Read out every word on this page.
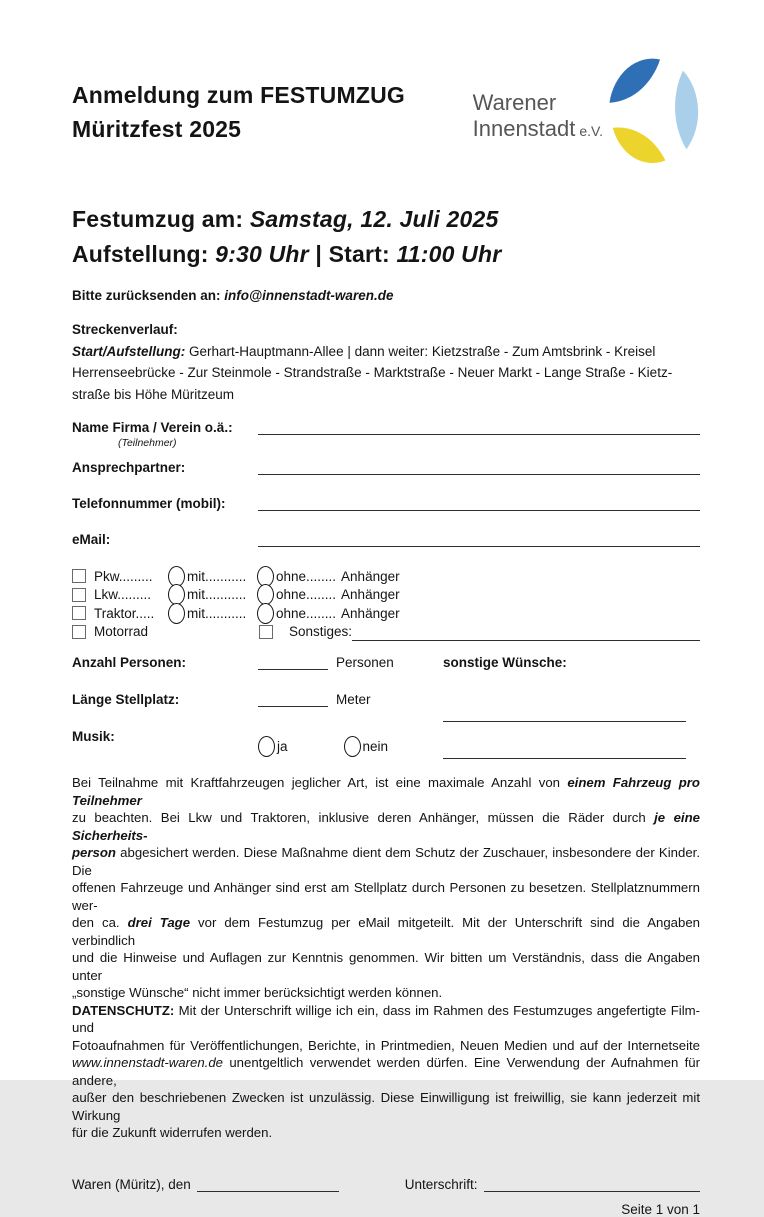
Anmeldung zum FESTUMZUG
Müritzfest 2025
Warener
Innenstadt e.V.
Festumzug am: Samstag, 12. Juli 2025
Aufstellung: 9:30 Uhr | Start: 11:00 Uhr
Bitte zurücksenden an: info@innenstadt-waren.de
Streckenverlauf:
Start/Aufstellung: Gerhart-Hauptmann-Allee | dann weiter: Kietzstraße - Zum Amtsbrink - Kreisel
Herrenseebrücke - Zur Steinmole - Strandstraße - Marktstraße - Neuer Markt - Lange Straße - Kietz-
straße bis Höhe Müritzeum
Name Firma / Verein o.ä.:
(Teilnehmer)
Ansprechpartner:
Telefonnummer (mobil):
eMail:
Pkw.........	mit...........	ohne........ Anhänger
Lkw.........	mit...........	ohne........ Anhänger
Traktor.....	mit...........	ohne........ Anhänger
Motorrad	Sonstiges:
Anzahl Personen:	Personen	sonstige Wünsche:
Länge Stellplatz:	Meter
Musik:
ja	nein
Bei Teilnahme mit Kraftfahrzeugen jeglicher Art, ist eine maximale Anzahl von einem Fahrzeug pro Teilnehmer
zu beachten. Bei Lkw und Traktoren, inklusive deren Anhänger, müssen die Räder durch je eine Sicherheits-
person abgesichert werden. Diese Maßnahme dient dem Schutz der Zuschauer, insbesondere der Kinder. Die
offenen Fahrzeuge und Anhänger sind erst am Stellplatz durch Personen zu besetzen. Stellplatznummern wer-
den ca. drei Tage vor dem Festumzug per eMail mitgeteilt. Mit der Unterschrift sind die Angaben verbindlich
und die Hinweise und Auflagen zur Kenntnis genommen. Wir bitten um Verständnis, dass die Angaben unter
„sonstige Wünsche“ nicht immer berücksichtigt werden können.
DATENSCHUTZ: Mit der Unterschrift willige ich ein, dass im Rahmen des Festumzuges angefertigte Film- und
Fotoaufnahmen für Veröffentlichungen, Berichte, in Printmedien, Neuen Medien und auf der Internetseite
www.innenstadt-waren.de unentgeltlich verwendet werden dürfen. Eine Verwendung der Aufnahmen für andere,
außer den beschriebenen Zwecken ist unzulässig. Diese Einwilligung ist freiwillig, sie kann jederzeit mit Wirkung
für die Zukunft widerrufen werden.
Waren (Müritz), den	Unterschrift:
Seite 1 von 1
